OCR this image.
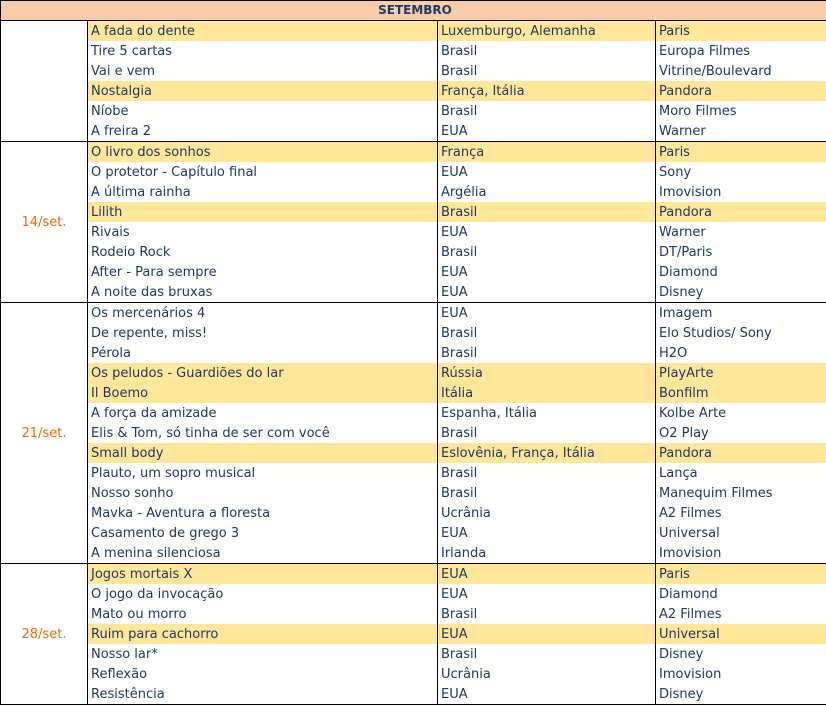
SETEMBRO			
	A fada do dente	Luxemburgo, Alemanha	Paris
	Tire 5 cartas	Brasil	Europa Filmes
	Vai e vem	Brasil	Vitrine/Boulevard
	Nostalgia	França, Itália	Pandora
	Níobe	Brasil	Moro Filmes
	A freira 2	EUA	Warner
14/set.	O livro dos sonhos	França	Paris
	O protetor - Capítulo final	EUA	Sony
	A última rainha	Argélia	Imovision
	Lilith	Brasil	Pandora
	Rivais	EUA	Warner
	Rodeio Rock	Brasil	DT/Paris
	After - Para sempre	EUA	Diamond
	A noite das bruxas	EUA	Disney
21/set.	Os mercenários 4	EUA	Imagem
	De repente, miss!	Brasil	Elo Studios/ Sony
	Pérola	Brasil	H2O
	Os peludos - Guardiões do lar	Rússia	PlayArte
	Il Boemo	Itália	Bonfilm
	A força da amizade	Espanha, Itália	Kolbe Arte
	Elis & Tom, só tinha de ser com você	Brasil	O2 Play
	Small body	Eslovênia, França, Itália	Pandora
	Plauto, um sopro musical	Brasil	Lança
	Nosso sonho	Brasil	Manequim Filmes
	Mavka - Aventura a floresta	Ucrânia	A2 Filmes
	Casamento de grego 3	EUA	Universal
	A menina silenciosa	Irlanda	Imovision
28/set.	Jogos mortais X	EUA	Paris
	O jogo da invocação	EUA	Diamond
	Mato ou morro	Brasil	A2 Filmes
	Ruim para cachorro	EUA	Universal
	Nosso lar*	Brasil	Disney
	Reflexão	Ucrânia	Imovision
	Resistência	EUA	Disney
